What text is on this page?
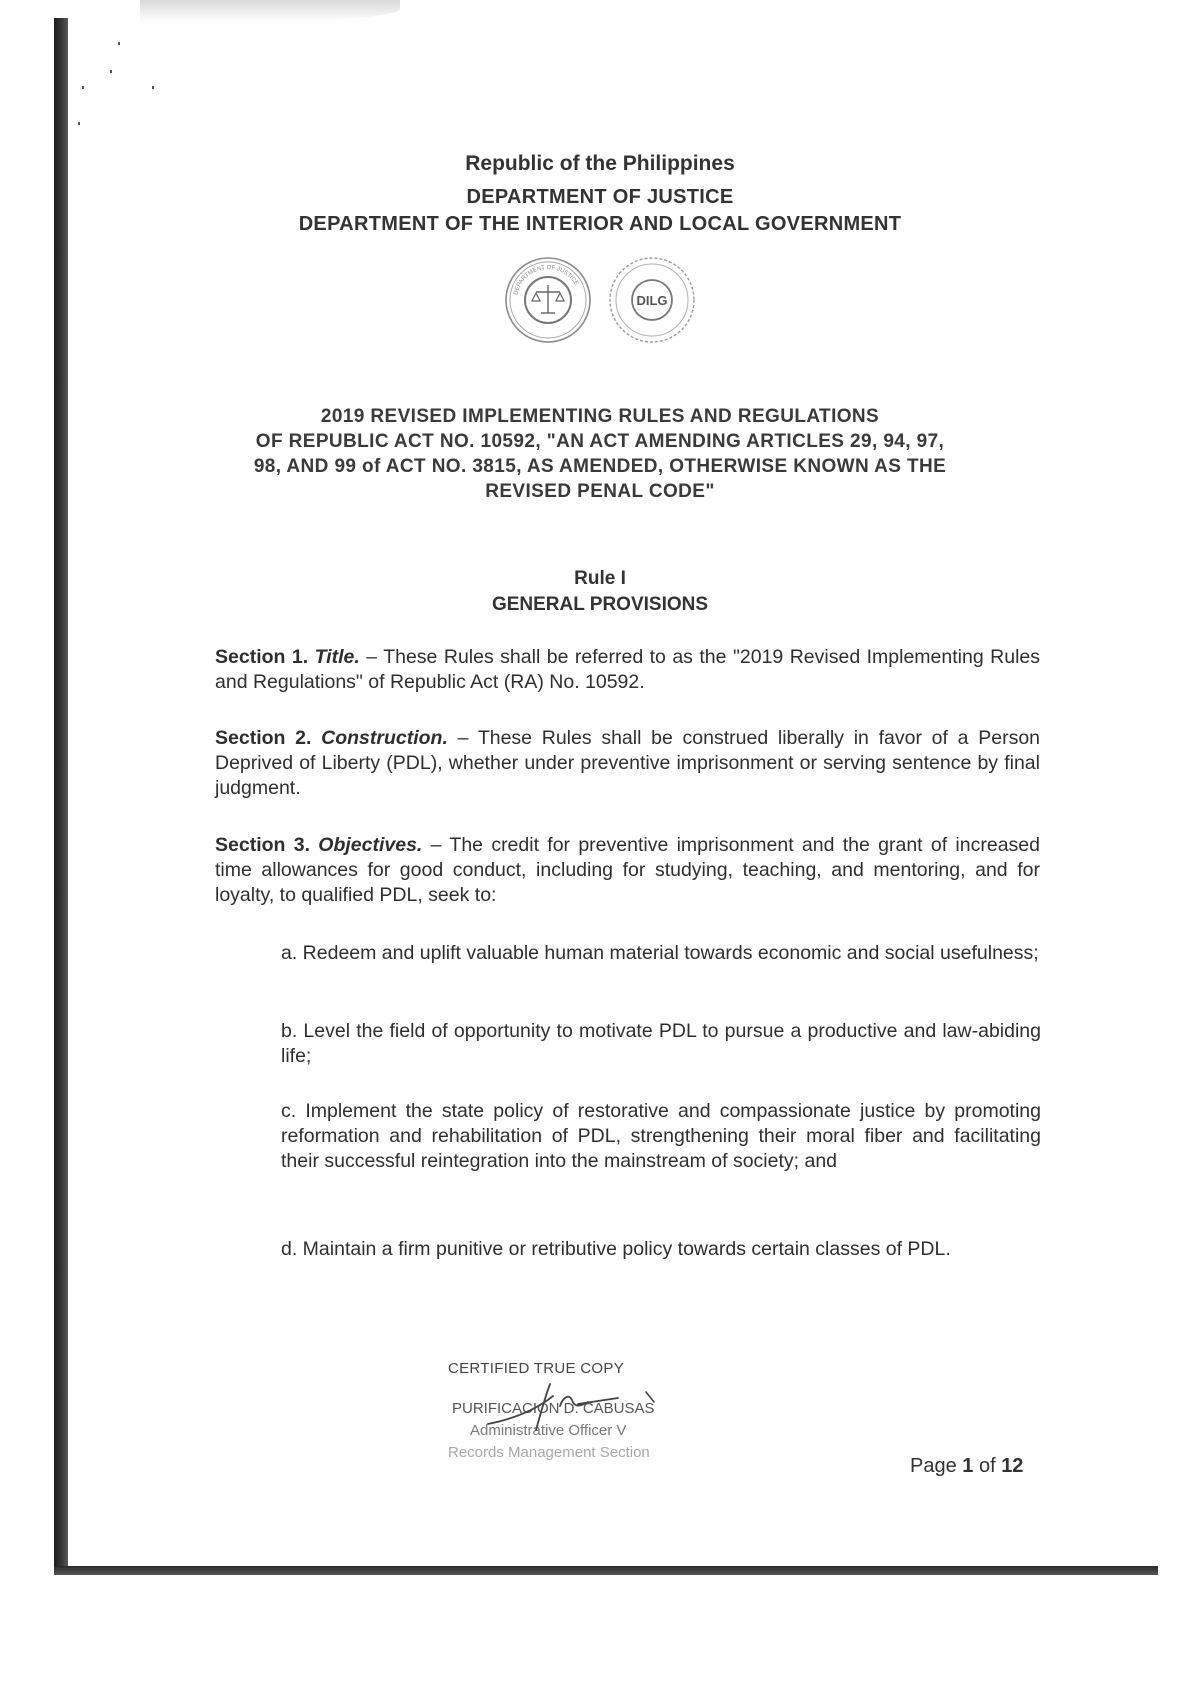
Republic of the Philippines
DEPARTMENT OF JUSTICE
DEPARTMENT OF THE INTERIOR AND LOCAL GOVERNMENT
DEPARTMENT OF JUSTICE
DILG
2019 REVISED IMPLEMENTING RULES AND REGULATIONS
OF REPUBLIC ACT NO. 10592, "AN ACT AMENDING ARTICLES 29, 94, 97,
98, AND 99 of ACT NO. 3815, AS AMENDED, OTHERWISE KNOWN AS THE
REVISED PENAL CODE"
Rule I
GENERAL PROVISIONS
Section 1. Title. – These Rules shall be referred to as the "2019 Revised Implementing Rules and Regulations" of Republic Act (RA) No. 10592.
Section 2. Construction. – These Rules shall be construed liberally in favor of a Person Deprived of Liberty (PDL), whether under preventive imprisonment or serving sentence by final judgment.
Section 3. Objectives. – The credit for preventive imprisonment and the grant of increased time allowances for good conduct, including for studying, teaching, and mentoring, and for loyalty, to qualified PDL, seek to:
a. Redeem and uplift valuable human material towards economic and social usefulness;
b. Level the field of opportunity to motivate PDL to pursue a productive and law-abiding life;
c. Implement the state policy of restorative and compassionate justice by promoting reformation and rehabilitation of PDL, strengthening their moral fiber and facilitating their successful reintegration into the mainstream of society; and
d. Maintain a firm punitive or retributive policy towards certain classes of PDL.
CERTIFIED TRUE COPY
PURIFICACION D. CABUSAS
Administrative Officer V
Records Management Section
Page 1 of 12
